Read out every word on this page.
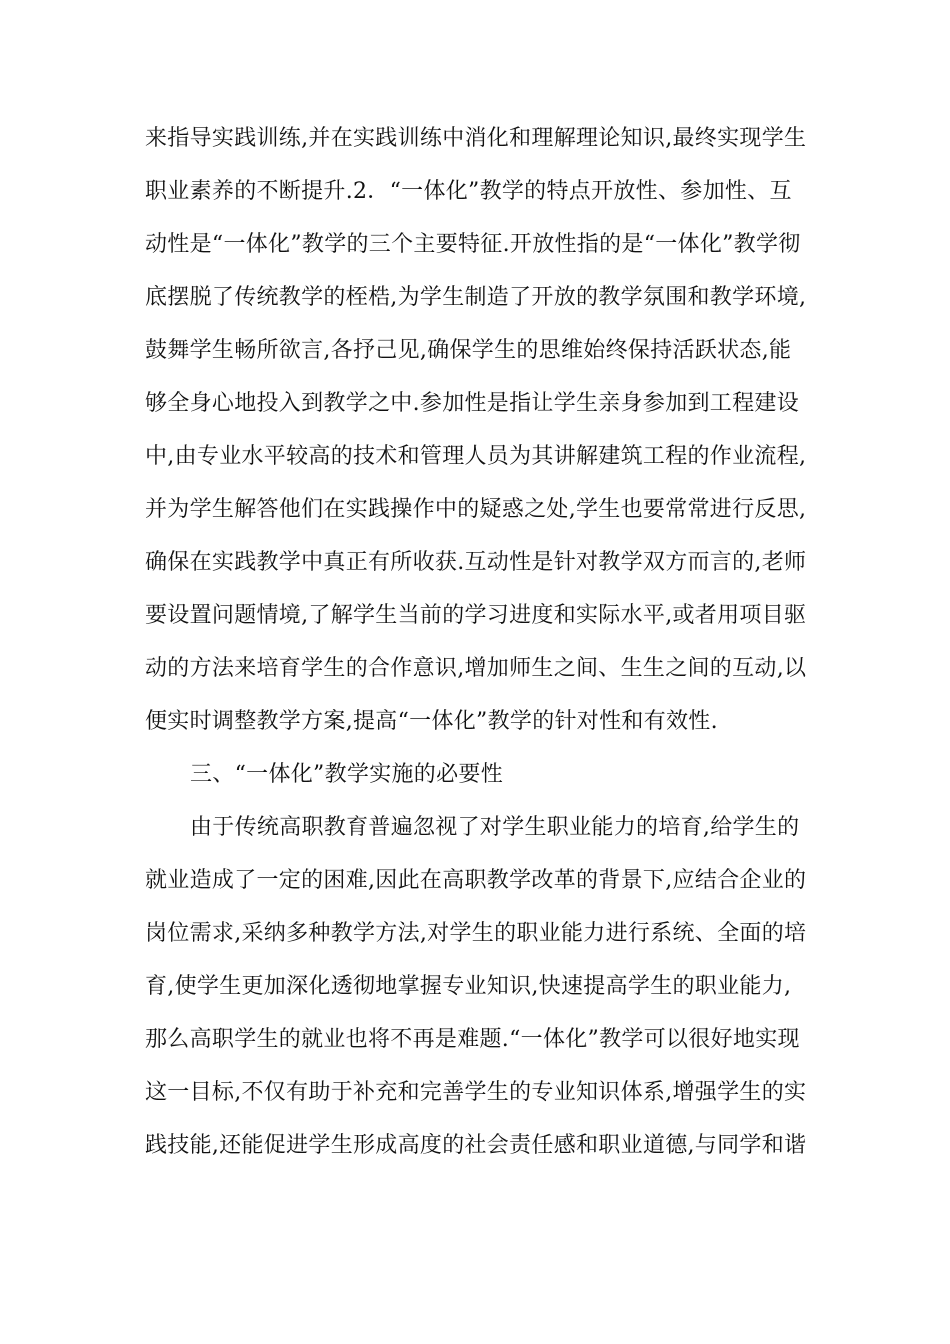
来指导实践训练,并在实践训练中消化和理解理论知识,最终实现学生
职业素养的不断提升.2．“一体化”教学的特点开放性、参加性、互
动性是“一体化”教学的三个主要特征.开放性指的是“一体化”教学彻
底摆脱了传统教学的桎梏,为学生制造了开放的教学氛围和教学环境,
鼓舞学生畅所欲言,各抒己见,确保学生的思维始终保持活跃状态,能
够全身心地投入到教学之中.参加性是指让学生亲身参加到工程建设
中,由专业水平较高的技术和管理人员为其讲解建筑工程的作业流程,
并为学生解答他们在实践操作中的疑惑之处,学生也要常常进行反思,
确保在实践教学中真正有所收获.互动性是针对教学双方而言的,老师
要设置问题情境,了解学生当前的学习进度和实际水平,或者用项目驱
动的方法来培育学生的合作意识,增加师生之间、生生之间的互动,以
便实时调整教学方案,提高“一体化”教学的针对性和有效性.
三、“一体化”教学实施的必要性
由于传统高职教育普遍忽视了对学生职业能力的培育,给学生的
就业造成了一定的困难,因此在高职教学改革的背景下,应结合企业的
岗位需求,采纳多种教学方法,对学生的职业能力进行系统、全面的培
育,使学生更加深化透彻地掌握专业知识,快速提高学生的职业能力,
那么高职学生的就业也将不再是难题.“一体化”教学可以很好地实现
这一目标,不仅有助于补充和完善学生的专业知识体系,增强学生的实
践技能,还能促进学生形成高度的社会责任感和职业道德,与同学和谐
